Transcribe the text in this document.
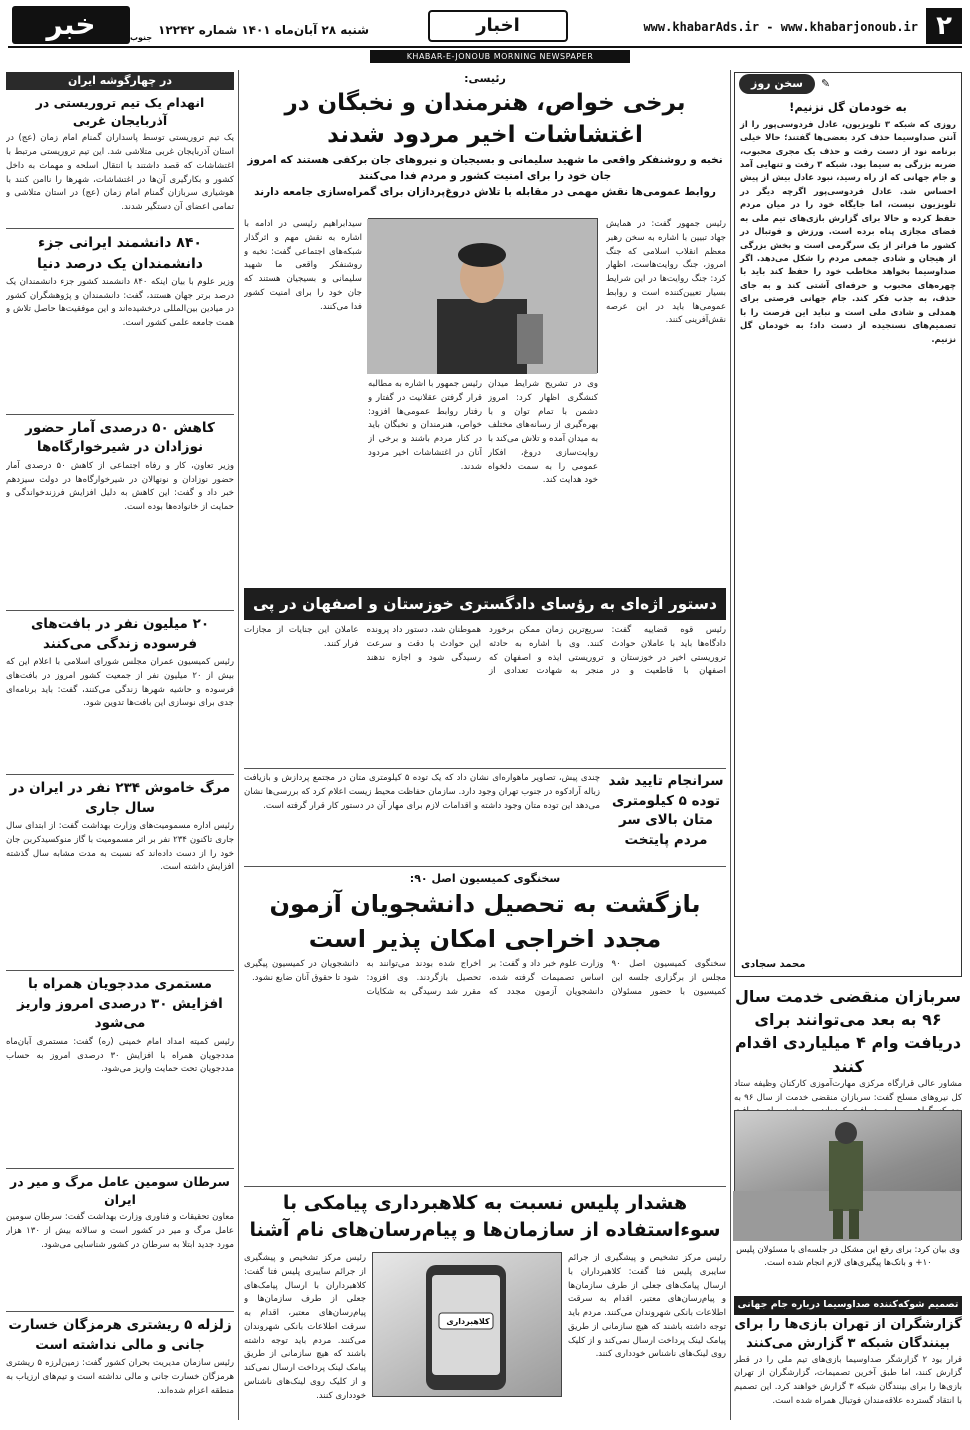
۲
www.khabarAds.ir - www.khabarjonoub.ir
اخبار
شنبه ۲۸ آبان‌ماه ۱۴۰۱ شماره ۱۲۲۴۲
خبر	جنوب
KHABAR-E-JONOUB MORNING NEWSPAPER
در چهارگوشه ایران
انهدام یک تیم تروریستی در آذربایجان غربی
یک تیم تروریستی توسط پاسداران گمنام امام زمان (عج) در استان آذربایجان غربی متلاشی شد. این تیم تروریستی مرتبط با اغتشاشات که قصد داشتند با انتقال اسلحه و مهمات به داخل کشور و بکارگیری آن‌ها در اغتشاشات، شهرها را ناامن کنند با هوشیاری سربازان گمنام امام زمان (عج) در استان متلاشی و تمامی اعضای آن دستگیر شدند.
۸۴۰ دانشمند ایرانی جزء دانشمندان یک درصد دنیا
وزیر علوم با بیان اینکه ۸۴۰ دانشمند کشور جزء دانشمندان یک درصد برتر جهان هستند، گفت: دانشمندان و پژوهشگران کشور در میادین بین‌المللی درخشیده‌اند و این موفقیت‌ها حاصل تلاش و همت جامعه علمی کشور است.
کاهش ۵۰ درصدی آمار حضور نوزادان در شیرخوارگاه‌ها
وزیر تعاون، کار و رفاه اجتماعی از کاهش ۵۰ درصدی آمار حضور نوزادان و نونهالان در شیرخوارگاه‌ها در دولت سیزدهم خبر داد و گفت: این کاهش به دلیل افزایش فرزندخواندگی و حمایت از خانواده‌ها بوده است.
۲۰ میلیون نفر در بافت‌های فرسوده زندگی می‌کنند
رئیس کمیسیون عمران مجلس شورای اسلامی با اعلام این که بیش از ۲۰ میلیون نفر از جمعیت کشور امروز در بافت‌های فرسوده و حاشیه شهرها زندگی می‌کنند، گفت: باید برنامه‌ای جدی برای نوسازی این بافت‌ها تدوین شود.
مرگ خاموش ۲۳۴ نفر در ایران در سال جاری
رئیس اداره مسمومیت‌های وزارت بهداشت گفت: از ابتدای سال جاری تاکنون ۲۳۴ نفر بر اثر مسمومیت با گاز منوکسیدکربن جان خود را از دست داده‌اند که نسبت به مدت مشابه سال گذشته افزایش داشته است.
مستمری مددجویان همراه با افزایش ۳۰ درصدی امروز واریز می‌شود
رئیس کمیته امداد امام خمینی (ره) گفت: مستمری آبان‌ماه مددجویان همراه با افزایش ۳۰ درصدی امروز به حساب مددجویان تحت حمایت واریز می‌شود.
سرطان سومین عامل مرگ و میر در ایران
معاون تحقیقات و فناوری وزارت بهداشت گفت: سرطان سومین عامل مرگ و میر در کشور است و سالانه بیش از ۱۳۰ هزار مورد جدید ابتلا به سرطان در کشور شناسایی می‌شود.
زلزله ۵ ریشتری هرمزگان خسارت جانی و مالی نداشته است
رئیس سازمان مدیریت بحران کشور گفت: زمین‌لرزه ۵ ریشتری هرمزگان خسارت جانی و مالی نداشته است و تیم‌های ارزیاب به منطقه اعزام شده‌اند.
✎
سخن روز
به خودمان گل نزنیم!
روزی که شبکه ۳ تلویزیون، عادل فردوسی‌پور را از آنتن صداوسیما حذف کرد بعضی‌ها گفتند؛ حالا خیلی برنامه نود از دست رفت و حذف یک مجری محبوب، ضربه بزرگی به سیما بود. شبکه ۳ رفت و تنهایی آمد و جام جهانی که از راه رسید، نبود عادل بیش از پیش احساس شد. عادل فردوسی‌پور اگرچه دیگر در تلویزیون نیست، اما جایگاه خود را در میان مردم حفظ کرده و حالا برای گزارش بازی‌های تیم ملی به فضای مجازی پناه برده است. ورزش و فوتبال در کشور ما فراتر از یک سرگرمی است و بخش بزرگی از هیجان و شادی جمعی مردم را شکل می‌دهد. اگر صداوسیما بخواهد مخاطب خود را حفظ کند باید با چهره‌های محبوب و حرفه‌ای آشتی کند و به جای حذف، به جذب فکر کند. جام جهانی فرصتی برای همدلی و شادی ملی است و نباید این فرصت را با تصمیم‌های نسنجیده از دست داد؛ به خودمان گل نزنیم.
محمد سجادی
سربازان منقضی خدمت سال ۹۶ به بعد می‌توانند برای دریافت وام ۴ میلیاردی اقدام کنند
مشاور عالی قرارگاه مرکزی مهارت‌آموزی کارکنان وظیفه ستاد کل نیروهای مسلح گفت: سربازان منقضی خدمت از سال ۹۶ به
وی بیان کرد: برای رفع این مشکل در جلسه‌ای با مسئولان پلیس ۱۰+ و بانک‌ها پیگیری‌های لازم انجام شده است.
تصمیم شوکه‌کننده صداوسیما درباره جام جهانی
گزارشگران از تهران بازی‌ها را برای بینندگان شبکه ۳ گزارش می‌کنند
قرار بود ۲ گزارشگر صداوسیما بازی‌های تیم ملی را در قطر گزارش کنند، اما طبق آخرین تصمیمات، گزارشگران از تهران بازی‌ها را برای بینندگان شبکه ۳ گزارش خواهند کرد. این تصمیم با انتقاد گسترده علاقه‌مندان فوتبال همراه شده است.
رئیسی:
برخی خواص، هنرمندان و نخبگان در اغتشاشات اخیر مردود شدند
نخبه و روشنفکر واقعی ما شهید سلیمانی و بسیجیان و نیروهای جان برکفی هستند که امروز جان خود را برای امنیت کشور و مردم فدا می‌کنند
روابط عمومی‌ها نقش مهمی در مقابله با تلاش دروغ‌پردازان برای گمراه‌سازی جامعه دارند
رئیس جمهور گفت: در همایش جهاد تبیین با اشاره به سخن رهبر معظم انقلاب اسلامی که جنگ امروز، جنگ روایت‌هاست، اظهار کرد: جنگ روایت‌ها در این شرایط بسیار تعیین‌کننده است و روابط عمومی‌ها باید در این عرصه نقش‌آفرینی کنند.
سیدابراهیم رئیسی در ادامه با اشاره به نقش مهم و اثرگذار شبکه‌های اجتماعی گفت: نخبه و روشنفکر واقعی ما شهید سلیمانی و بسیجیان هستند که جان خود را برای امنیت کشور فدا می‌کنند.
وی در تشریح شرایط میدان کنشگری اظهار کرد: امروز دشمن با تمام توان و با بهره‌گیری از رسانه‌های مختلف به میدان آمده و تلاش می‌کند با روایت‌سازی دروغ، افکار عمومی را به سمت دلخواه خود هدایت کند.
رئیس جمهور با اشاره به مطالبه قرار گرفتن عقلانیت در گفتار و رفتار روابط عمومی‌ها افزود: خواص، هنرمندان و نخبگان باید در کنار مردم باشند و برخی از آنان در اغتشاشات اخیر مردود شدند.
دستور اژه‌ای به رؤسای دادگستری خوزستان و اصفهان در پی حوادث اخیر	رئیس قوه قضاییه گفت: دادگاه‌ها باید با عاملان حوادث تروریستی اخیر در خوزستان و اصفهان با قاطعیت و در سریع‌ترین زمان ممکن برخورد کنند. وی با اشاره به حادثه تروریستی ایذه و اصفهان که منجر به شهادت تعدادی از هموطنان شد، دستور داد پرونده این حوادث با دقت و سرعت رسیدگی شود و اجازه ندهند عاملان این جنایات از مجازات فرار کنند.
سرانجام تایید شد توده ۵ کیلومتری متان بالای سر مردم پایتخت
چندی پیش، تصاویر ماهواره‌ای نشان داد که یک توده ۵ کیلومتری متان در مجتمع پردازش و بازیافت زباله آرادکوه در جنوب تهران وجود دارد. سازمان حفاظت محیط زیست اعلام کرد که بررسی‌ها نشان می‌دهد این توده متان وجود داشته و اقدامات لازم برای مهار آن در دستور کار قرار گرفته است.
سخنگوی کمیسیون اصل ۹۰:
بازگشت به تحصیل دانشجویان آزمون مجدد اخراجی امکان پذیر است
سخنگوی کمیسیون اصل ۹۰ مجلس از برگزاری جلسه این کمیسیون با حضور مسئولان وزارت علوم خبر داد و گفت: بر اساس تصمیمات گرفته شده، دانشجویان آزمون مجدد که اخراج شده بودند می‌توانند به تحصیل بازگردند. وی افزود: مقرر شد رسیدگی به شکایات دانشجویان در کمیسیون پیگیری شود تا حقوق آنان ضایع نشود.
هشدار پلیس نسبت به کلاهبرداری پیامکی با سوءاستفاده از سازمان‌ها و پیام‌رسان‌های نام آشنا
کلاهبرداری
رئیس مرکز تشخیص و پیشگیری از جرائم سایبری پلیس فتا گفت: کلاهبرداران با ارسال پیامک‌های جعلی از طرف سازمان‌ها و پیام‌رسان‌های معتبر، اقدام به سرقت اطلاعات بانکی شهروندان می‌کنند. مردم باید توجه داشته باشند که هیچ سازمانی از طریق پیامک لینک پرداخت ارسال نمی‌کند و از کلیک روی لینک‌های ناشناس خودداری کنند.
رئیس مرکز تشخیص و پیشگیری از جرائم سایبری پلیس فتا گفت: کلاهبرداران با ارسال پیامک‌های جعلی از طرف سازمان‌ها و پیام‌رسان‌های معتبر، اقدام به سرقت اطلاعات بانکی شهروندان می‌کنند. مردم باید توجه داشته باشند که هیچ سازمانی از طریق پیامک لینک پرداخت ارسال نمی‌کند و از کلیک روی لینک‌های ناشناس خودداری کنند.
